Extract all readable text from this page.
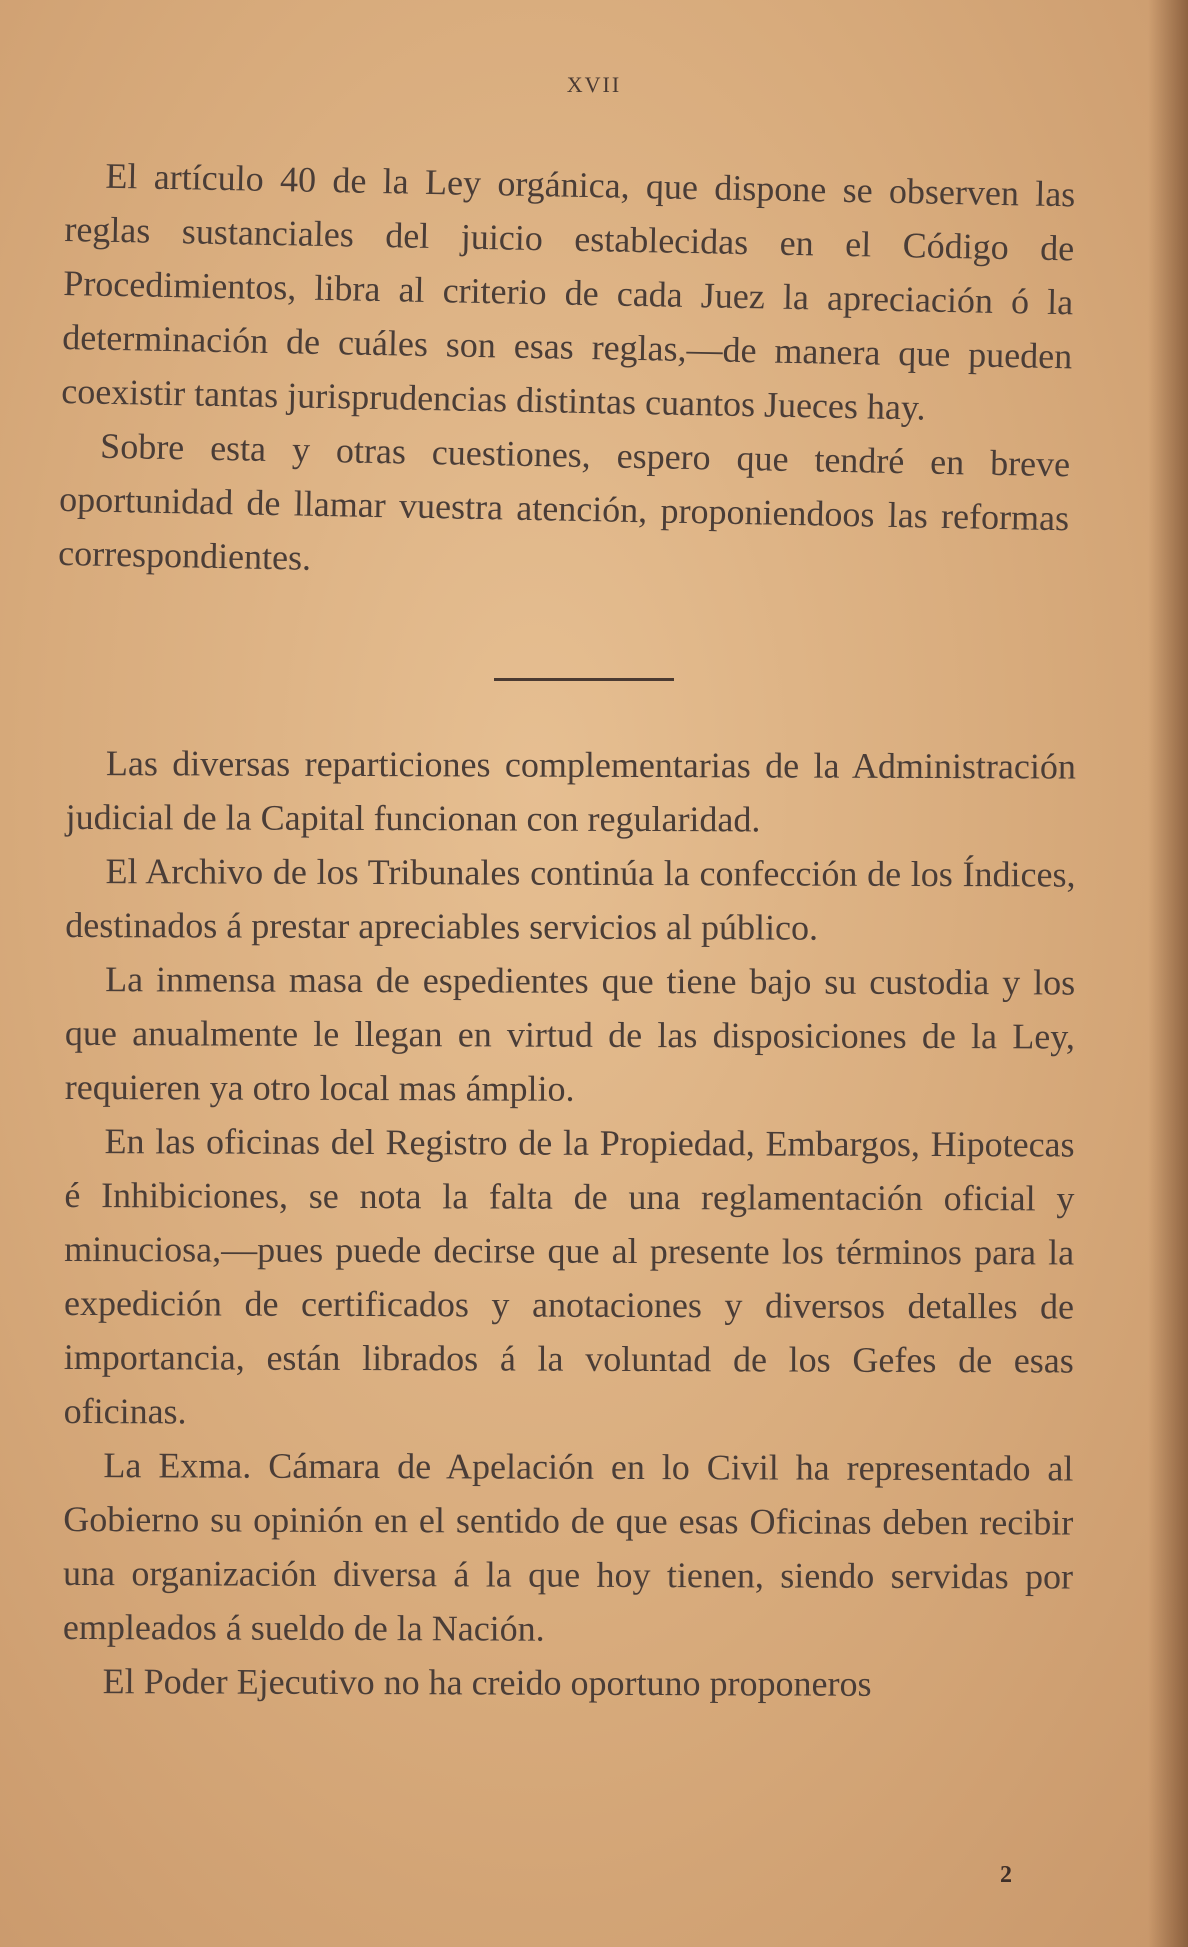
XVII

El artículo 40 de la Ley orgánica, que dispone se observen las reglas sustanciales del juicio establecidas en el Código de Procedimientos, libra al criterio de cada Juez la apreciación ó la determinación de cuáles son esas reglas,—de manera que pueden coexistir tantas jurisprudencias distintas cuantos Jueces hay.

Sobre esta y otras cuestiones, espero que tendré en breve oportunidad de llamar vuestra atención, proponiendoos las reformas correspondientes.

Las diversas reparticiones complementarias de la Administración judicial de la Capital funcionan con regularidad.

El Archivo de los Tribunales continúa la confección de los Índices, destinados á prestar apreciables servicios al público.

La inmensa masa de espedientes que tiene bajo su custodia y los que anualmente le llegan en virtud de las disposiciones de la Ley, requieren ya otro local mas ámplio.

En las oficinas del Registro de la Propiedad, Embargos, Hipotecas é Inhibiciones, se nota la falta de una reglamentación oficial y minuciosa,—pues puede decirse que al presente los términos para la expedición de certificados y anotaciones y diversos detalles de importancia, están librados á la voluntad de los Gefes de esas oficinas.

La Exma. Cámara de Apelación en lo Civil ha representado al Gobierno su opinión en el sentido de que esas Oficinas deben recibir una organización diversa á la que hoy tienen, siendo servidas por empleados á sueldo de la Nación.

El Poder Ejecutivo no ha creido oportuno proponeros

2
